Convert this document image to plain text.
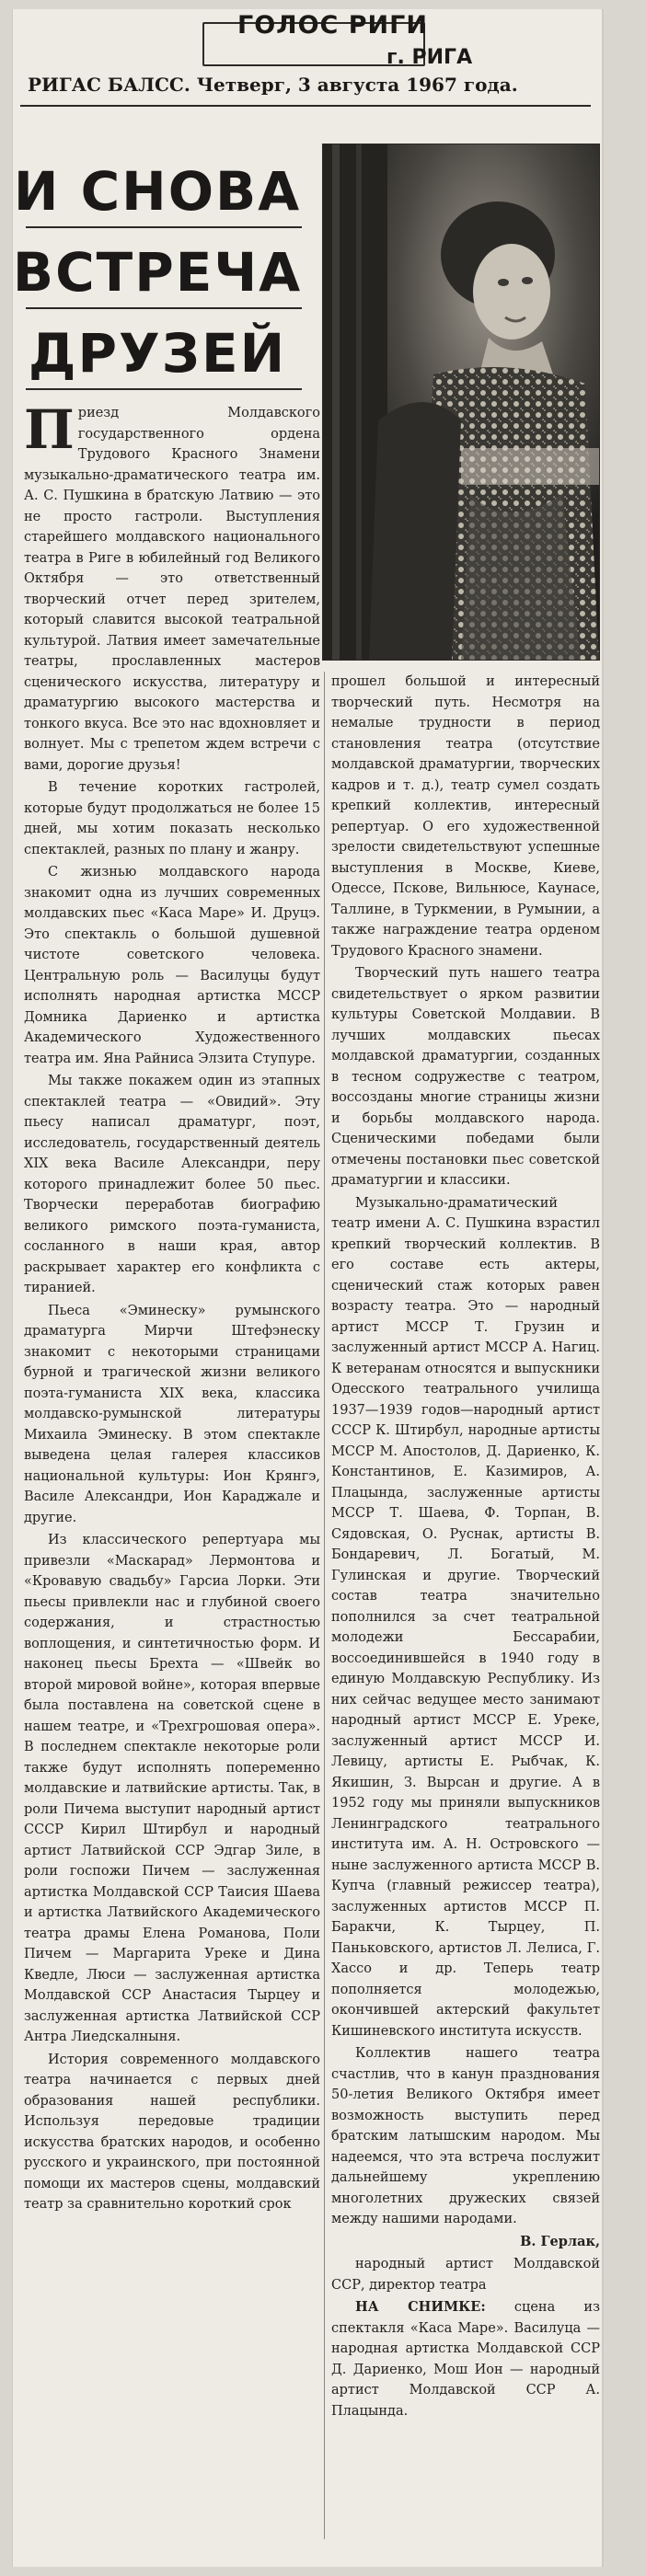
ГОЛОС РИГИ
г. РИГА
РИГАС БАЛСС. Четверг, 3 августа 1967 года.
И СНОВА
ВСТРЕЧА
ДРУЗЕЙ

Приезд Молдавского государственного ордена Трудового Красного Знамени музыкально-драматического театра им. А. С. Пушкина в братскую Латвию — это не просто гастроли. Выступления старейшего молдавского национального театра в Риге в юбилейный год Великого Октября — это ответственный творческий отчет перед зрителем, который славится высокой театральной культурой. Латвия имеет замечательные театры, прославленных мастеров сценического искусства, литературу и драматургию высокого мастерства и тонкого вкуса. Все это нас вдохновляет и волнует. Мы с трепетом ждем встречи с вами, дорогие друзья!

В течение коротких гастролей, которые будут продолжаться не более 15 дней, мы хотим показать несколько спектаклей, разных по плану и жанру.

С жизнью молдавского народа знакомит одна из лучших современных молдавских пьес «Каса Маре» И. Друцэ. Это спектакль о большой душевной чистоте советского человека. Центральную роль — Василуцы будут исполнять народная артистка МССР Домника Дариенко и артистка Академического Художественного театра им. Яна Райниса Элзита Ступуре.

Мы также покажем один из этапных спектаклей театра — «Овидий». Эту пьесу написал драматург, поэт, исследователь, государственный деятель XIX века Василе Александри, перу которого принадлежит более 50 пьес. Творчески переработав биографию великого римского поэта-гуманиста, сосланного в наши края, автор раскрывает характер его конфликта с тиранией.

Пьеса «Эминеску» румынского драматурга Мирчи Штефэнеску знакомит с некоторыми страницами бурной и трагической жизни великого поэта-гуманиста XIX века, классика молдавско-румынской литературы Михаила Эминеску. В этом спектакле выведена целая галерея классиков национальной культуры: Ион Крянгэ, Василе Александри, Ион Караджале и другие.

Из классического репертуара мы привезли «Маскарад» Лермонтова и «Кровавую свадьбу» Гарсиа Лорки. Эти пьесы привлекли нас и глубиной своего содержания, и страстностью воплощения, и синтетичностью форм. И наконец пьесы Брехта — «Швейк во второй мировой войне», которая впервые была поставлена на советской сцене в нашем театре, и «Трехгрошовая опера». В последнем спектакле некоторые роли также будут исполнять попеременно молдавские и латвийские артисты. Так, в роли Пичема выступит народный артист СССР Кирил Штирбул и народный артист Латвийской ССР Эдгар Зиле, в роли госпожи Пичем — заслуженная артистка Молдавской ССР Таисия Шаева и артистка Латвийского Академического театра драмы Елена Романова, Поли Пичем — Маргарита Уреке и Дина Кведле, Люси — заслуженная артистка Молдавской ССР Анастасия Тырцеу и заслуженная артистка Латвийской ССР Антра Лиедскалныня.

История современного молдавского театра начинается с первых дней образования нашей республики. Используя передовые традиции искусства братских народов, и особенно русского и украинского, при постоянной помощи их мастеров сцены, молдавский театр за сравнительно короткий срок

прошел большой и интересный творческий путь. Несмотря на немалые трудности в период становления театра (отсутствие молдавской драматургии, творческих кадров и т. д.), театр сумел создать крепкий коллектив, интересный репертуар. О его художественной зрелости свидетельствуют успешные выступления в Москве, Киеве, Одессе, Пскове, Вильнюсе, Каунасе, Таллине, в Туркмении, в Румынии, а также награждение театра орденом Трудового Красного знамени.

Творческий путь нашего театра свидетельствует о ярком развитии культуры Советской Молдавии. В лучших молдавских пьесах молдавской драматургии, созданных в тесном содружестве с театром, воссозданы многие страницы жизни и борьбы молдавского народа. Сценическими победами были отмечены постановки пьес советской драматургии и классики.

Музыкально-драматический театр имени А. С. Пушкина взрастил крепкий творческий коллектив. В его составе есть актеры, сценический стаж которых равен возрасту театра. Это — народный артист МССР Т. Грузин и заслуженный артист МССР А. Нагиц. К ветеранам относятся и выпускники Одесского театрального училища 1937—1939 годов—народный артист СССР К. Штирбул, народные артисты МССР М. Апостолов, Д. Дариенко, К. Константинов, Е. Казимиров, А. Плацында, заслуженные артисты МССР Т. Шаева, Ф. Торпан, В. Сядовская, О. Руснак, артисты В. Бондаревич, Л. Богатый, М. Гулинская и другие. Творческий состав театра значительно пополнился за счет театральной молодежи Бессарабии, воссоединившейся в 1940 году в единую Молдавскую Республику. Из них сейчас ведущее место занимают народный артист МССР Е. Уреке, заслуженный артист МССР И. Левицу, артисты Е. Рыбчак, К. Якишин, З. Вырсан и другие. А в 1952 году мы приняли выпускников Ленинградского театрального института им. А. Н. Островского — ныне заслуженного артиста МССР В. Купча (главный режиссер театра), заслуженных артистов МССР П. Баракчи, К. Тырцеу, П. Паньковского, артистов Л. Лелиса, Г. Хассо и др. Теперь театр пополняется молодежью, окончившей актерский факультет Кишиневского института искусств.

Коллектив нашего театра счастлив, что в канун празднования 50-летия Великого Октября имеет возможность выступить перед братским латышским народом. Мы надеемся, что эта встреча послужит дальнейшему укреплению многолетних дружеских связей между нашими народами.

В. Герлак,

народный артист Молдавской ССР, директор театра

НА СНИМКЕ: сцена из спектакля «Каса Маре». Василуца — народная артистка Молдавской ССР Д. Дариенко, Мош Ион — народный артист Молдавской ССР А. Плацында.
